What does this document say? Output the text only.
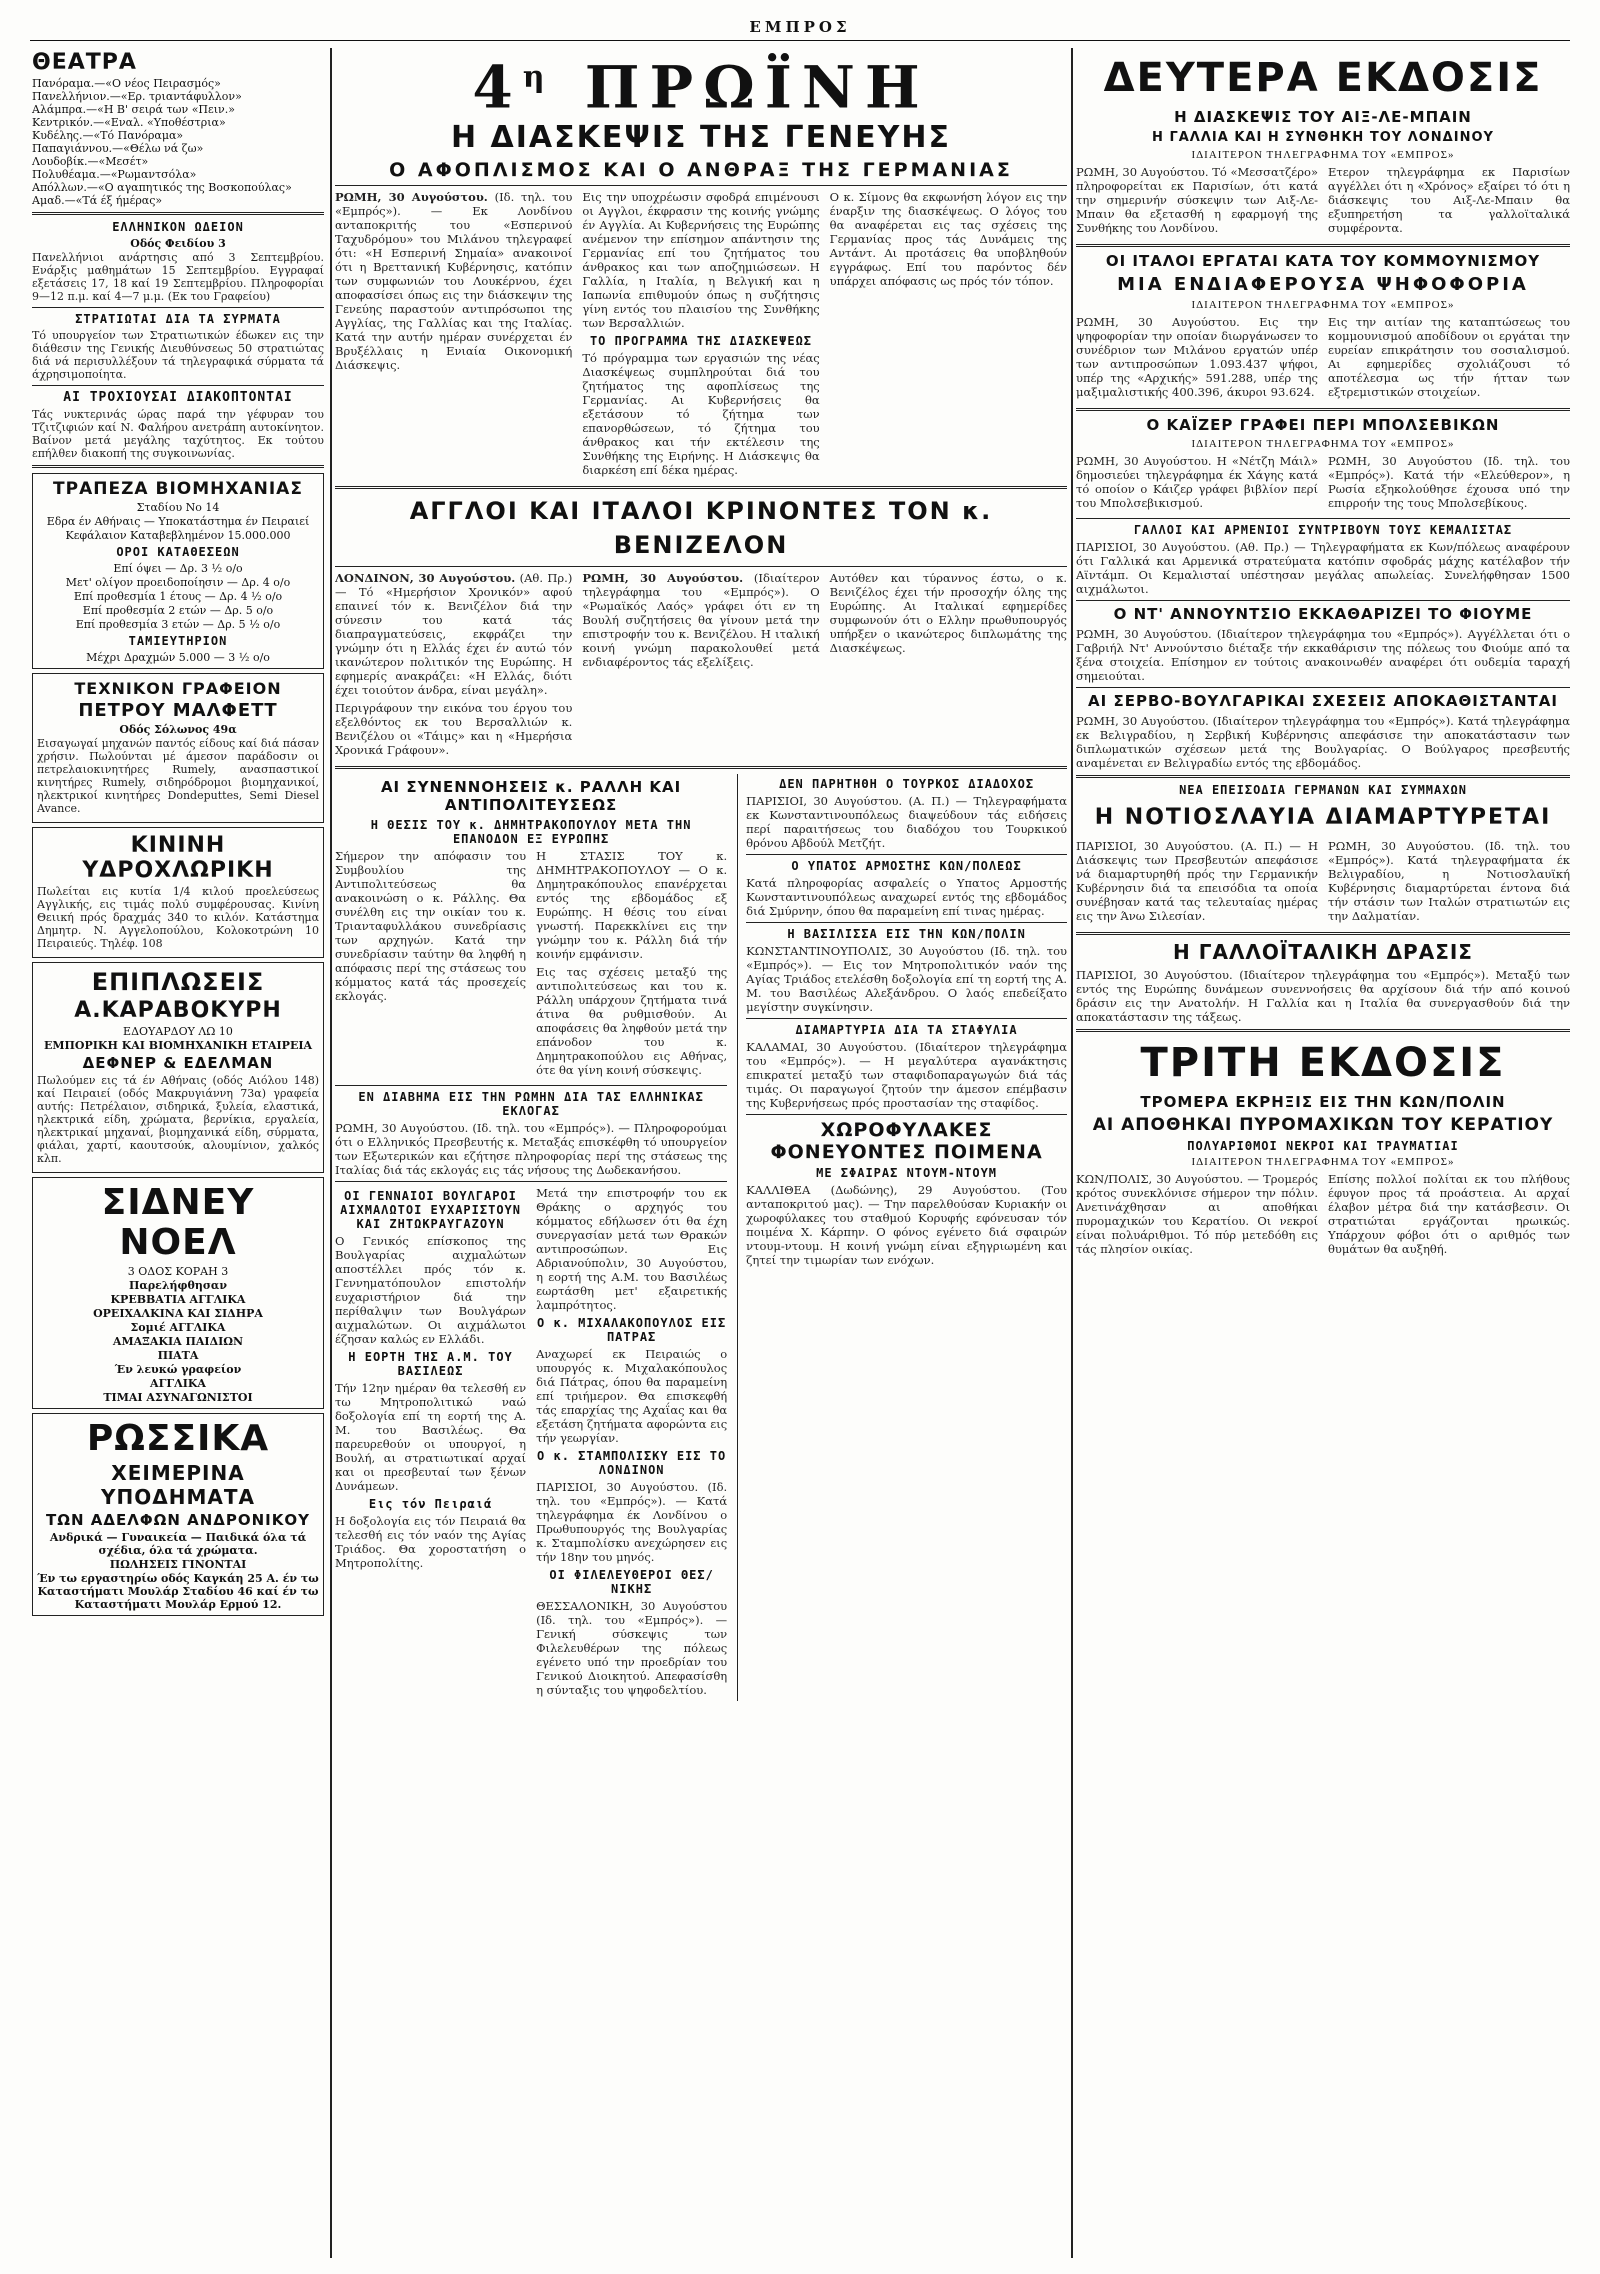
ΕΜΠΡΟΣ
ΘΕΑΤΡΑ
Πανόραμα.—«Ο νέος Πειρασμός»
Πανελλήνιον.—«Ερ. τριαντάφυλλον»
Αλάμπρα.—«Η Β' σειρά των «Πειν.»
Κεντρικόν.—«Εναλ. «Υποθέστρια»
Κυδέλης.—«Τό Πανόραμα»
Παπαγιάννου.—«Θέλω νά ζω»
Λουδοβίκ.—«Μεσέτ»
Πολυθέαμα.—«Ρωμαντσόλα»
Απόλλων.—«Ο αγαπητικός της Βοσκοπούλας»
Αμαδ.—«Τά έξ ήμέρας»
ΕΛΛΗΝΙΚΟΝ ΩΔΕΙΟΝ
Οδός Φειδίου 3

Πανελλήνιοι ανάρτησις από 3 Σεπτεμβρίου. Ενάρξις μαθημάτων 15 Σεπτεμβρίου. Εγγραφαί εξετάσεις 17, 18 καί 19 Σεπτεμβρίου. Πληροφορίαι 9—12 π.μ. καί 4—7 μ.μ. (Εκ του Γραφείου)

ΣΤΡΑΤΙΩΤΑΙ ΔΙΑ ΤΑ ΣΥΡΜΑΤΑ

Τό υπουργείον των Στρατιωτικών έδωκεν εις την διάθεσιν της Γενικής Διευθύνσεως 50 στρατιώτας διά νά περισυλλέξουν τά τηλεγραφικά σύρματα τά άχρησιμοποίητα.

ΑΙ ΤΡΟΧΙΟΥΣΑΙ ΔΙΑΚΟΠΤΟΝΤΑΙ

Τάς νυκτερινάς ώρας παρά την γέφυραν του Τζιτζιφιών καί Ν. Φαλήρου ανετράπη αυτοκίνητον. Βαίνον μετά μεγάλης ταχύτητος. Εκ τούτου επήλθεν διακοπή της συγκοινωνίας.

ΤΡΑΠΕΖΑ ΒΙΟΜΗΧΑΝΙΑΣ
Σταδίου Νο 14
Εδρα έν Αθήναις — Υποκατάστημα έν Πειραιεί
Κεφάλαιον Καταβεβλημένον 15.000.000
ΟΡΟΙ ΚΑΤΑΘΕΣΕΩΝ
Επί όψει — Δρ. 3 ½ ο/ο
Μετ' ολίγον προειδοποίησιν — Δρ. 4 ο/ο
Επί προθεσμία 1 έτους — Δρ. 4 ½ ο/ο
Επί προθεσμία 2 ετών — Δρ. 5 ο/ο
Επί προθεσμία 3 ετών — Δρ. 5 ½ ο/ο
ΤΑΜΙΕΥΤΗΡΙΟΝ
Μέχρι Δραχμών 5.000 — 3 ½ ο/ο
ΤΕΧΝΙΚΟΝ ΓΡΑΦΕΙΟΝ
ΠΕΤΡΟΥ ΜΑΛΦΕΤΤ
Οδός Σόλωνος 49α

Εισαγωγαί μηχανών παντός είδους καί διά πάσαν χρήσιν. Πωλούνται μέ άμεσον παράδοσιν οι πετρελαιοκινητήρες Rumely, ανασπαστικοί κινητήρες Rumely, σιδηρόδρομοι βιομηχανικοί, ηλεκτρικοί κινητήρες Dondeputtes, Semi Diesel Avance.

ΚΙΝΙΝΗ ΥΔΡΟΧΛΩΡΙΚΗ

Πωλείται εις κυτία 1/4 κιλού προελεύσεως Αγγλικής, εις τιμάς πολύ συμφέρουσας. Κινίνη Θειική πρός δραχμάς 340 το κιλόν. Κατάστημα Δημητρ. Ν. Αγγελοπούλου, Κολοκοτρώνη 10 Πειραιεύς. Τηλέφ. 108

ΕΠΙΠΛΩΣΕΙΣ
Α.ΚΑΡΑΒΟΚΥΡΗ
ΕΔΟΥΑΡΔΟΥ ΛΩ 10
ΕΜΠΟΡΙΚΗ ΚΑΙ ΒΙΟΜΗΧΑΝΙΚΗ ΕΤΑΙΡΕΙΑ
ΔΕΦΝΕΡ & ΕΔΕΛΜΑΝ

Πωλούμεν εις τά έν Αθήναις (οδός Αιόλου 148) καί Πειραιεί (οδός Μακρυγιάννη 73α) γραφεία αυτής: Πετρέλαιον, σιδηρικά, ξυλεία, ελαστικά, ηλεκτρικά είδη, χρώματα, βερνίκια, εργαλεία, ηλεκτρικαί μηχαναί, βιομηχανικά είδη, σύρματα, φιάλαι, χαρτί, καουτσούκ, αλουμίνιον, χαλκός κλπ.

ΣΙΔΝΕΥ ΝΟΕΛ
3 ΟΔΟΣ ΚΟΡΑΗ 3
Παρελήφθησαν
ΚΡΕΒΒΑΤΙΑ ΑΓΓΛΙΚΑ
ΟΡΕΙΧΑΛΚΙΝΑ ΚΑΙ ΣΙΔΗΡΑ
Σομιέ ΑΓΓΛΙΚΑ
ΑΜΑΞΑΚΙΑ ΠΑΙΔΙΩΝ
ΠΙΑΤΑ
Έν λευκώ γραφείον
ΑΓΓΛΙΚΑ
ΤΙΜΑΙ ΑΣΥΝΑΓΩΝΙΣΤΟΙ
ΡΩΣΣΙΚΑ
ΧΕΙΜΕΡΙΝΑ ΥΠΟΔΗΜΑΤΑ
ΤΩΝ ΑΔΕΛΦΩΝ ΑΝΔΡΟΝΙΚΟΥ
Ανδρικά — Γυναικεία — Παιδικά όλα τά σχέδια, όλα τά χρώματα.
ΠΩΛΗΣΕΙΣ ΓΙΝΟΝΤΑΙ
Έν τω εργαστηρίω οδός Καγκάη 25 Α. έν τω Καταστήματι Μουλάρ Σταδίου 46 καί έν τω Καταστήματι Μουλάρ Ερμού 12.
$4^\eta$ ΠΡΩΪΝΗ
Η ΔΙΑΣΚΕΨΙΣ ΤΗΣ ΓΕΝΕΥΗΣ
Ο ΑΦΟΠΛΙΣΜΟΣ ΚΑΙ Ο ΑΝΘΡΑΞ ΤΗΣ ΓΕΡΜΑΝΙΑΣ

ΡΩΜΗ, 30 Αυγούστου. (Ιδ. τηλ. του «Εμπρός»). — Εκ Λονδίνου ανταποκριτής του «Εσπερινού Ταχυδρόμου» του Μιλάνου τηλεγραφεί ότι: «Η Εσπερινή Σημαία» ανακοινοί ότι η Βρεττανική Κυβέρνησις, κατόπιν των συμφωνιών του Λουκέρνου, έχει αποφασίσει όπως εις την διάσκεψιν της Γενεύης παραστούν αντιπρόσωποι της Αγγλίας, της Γαλλίας και της Ιταλίας. Κατά την αυτήν ημέραν συνέρχεται έν Βρυξέλλαις η Ενιαία Οικονομική Διάσκεψις.

Εις την υποχρέωσιν σφοδρά επιμένουσι οι Αγγλοι, έκφρασιν της κοινής γνώμης έν Αγγλία. Αι Κυβερνήσεις της Ευρώπης ανέμενον την επίσημον απάντησιν της Γερμανίας επί του ζητήματος του άνθρακος και των αποζημιώσεων. Η Γαλλία, η Ιταλία, η Βελγική και η Ιαπωνία επιθυμούν όπως η συζήτησις γίνη εντός του πλαισίου της Συνθήκης των Βερσαλλιών.

ΤΟ ΠΡΟΓΡΑΜΜΑ ΤΗΣ ΔΙΑΣΚΕΨΕΩΣ

Τό πρόγραμμα των εργασιών της νέας Διασκέψεως συμπληρούται διά του ζητήματος της αφοπλίσεως της Γερμανίας. Αι Κυβερνήσεις θα εξετάσουν τό ζήτημα των επανορθώσεων, τό ζήτημα του άνθρακος και τήν εκτέλεσιν της Συνθήκης της Ειρήνης. Η Διάσκεψις θα διαρκέση επί δέκα ημέρας.

Ο κ. Σίμονς θα εκφωνήση λόγον εις την έναρξιν της διασκέψεως. Ο λόγος του θα αναφέρεται εις τας σχέσεις της Γερμανίας προς τάς Δυνάμεις της Αντάντ. Αι προτάσεις θα υποβληθούν εγγράφως. Επί του παρόντος δέν υπάρχει απόφασις ως πρός τόν τόπον.

ΑΓΓΛΟΙ ΚΑΙ ΙΤΑΛΟΙ ΚΡΙΝΟΝΤΕΣ ΤΟΝ κ. ΒΕΝΙΖΕΛΟΝ

ΛΟΝΔΙΝΟΝ, 30 Αυγούστου. (Αθ. Πρ.) — Τό «Ημερήσιον Χρονικόν» αφού επαινεί τόν κ. Βενιζέλον διά την σύνεσιν του κατά τάς διαπραγματεύσεις, εκφράζει την γνώμην ότι η Ελλάς έχει έν αυτώ τόν ικανώτερον πολιτικόν της Ευρώπης. Η εφημερίς ανακράζει: «Η Ελλάς, διότι έχει τοιούτον άνδρα, είναι μεγάλη».

Περιγράφουν την εικόνα του έργου του εξελθόντος εκ του Βερσαλλιών κ. Βενιζέλου οι «Τάιμς» και η «Ημερήσια Χρονικά Γράφουν».

ΡΩΜΗ, 30 Αυγούστου. (Ιδιαίτερον τηλεγράφημα του «Εμπρός»). Ο «Ρωμαϊκός Λαός» γράφει ότι εν τη Βουλή συζητήσεις θα γίνουν μετά την επιστροφήν του κ. Βενιζέλου. Η ιταλική κοινή γνώμη παρακολουθεί μετά ενδιαφέροντος τάς εξελίξεις.

Αυτόθεν και τύραννος έστω, ο κ. Βενιζέλος έχει τήν προσοχήν όλης της Ευρώπης. Αι Ιταλικαί εφημερίδες συμφωνούν ότι ο Ελλην πρωθυπουργός υπήρξεν ο ικανώτερος διπλωμάτης της Διασκέψεως.

ΑΙ ΣΥΝΕΝΝΟΗΣΕΙΣ κ. ΡΑΛΛΗ ΚΑΙ ΑΝΤΙΠΟΛΙΤΕΥΣΕΩΣ
Η ΘΕΣΙΣ ΤΟΥ κ. ΔΗΜΗΤΡΑΚΟΠΟΥΛΟΥ ΜΕΤΑ ΤΗΝ ΕΠΑΝΟΔΟΝ ΕΞ ΕΥΡΩΠΗΣ

Σήμερον την απόφασιν του Συμβουλίου της Αντιπολιτεύσεως θα ανακοινώση ο κ. Ράλλης. Θα συνέλθη εις την οικίαν του κ. Τριανταφυλλάκου συνεδρίασις των αρχηγών. Κατά την συνεδρίασιν ταύτην θα ληφθή η απόφασις περί της στάσεως του κόμματος κατά τάς προσεχείς εκλογάς.

Η ΣΤΑΣΙΣ ΤΟΥ κ. ΔΗΜΗΤΡΑΚΟΠΟΥΛΟΥ — Ο κ. Δημητρακόπουλος επανέρχεται εντός της εβδομάδος εξ Ευρώπης. Η θέσις του είναι γνωστή. Παρεκκλίνει εις την γνώμην του κ. Ράλλη διά τήν κοινήν εμφάνισιν.

Εις τας σχέσεις μεταξύ της αντιπολιτεύσεως και του κ. Ράλλη υπάρχουν ζητήματα τινά άτινα θα ρυθμισθούν. Αι αποφάσεις θα ληφθούν μετά την επάνοδον του κ. Δημητρακοπούλου εις Αθήνας, ότε θα γίνη κοινή σύσκεψις.

ΕΝ ΔΙΑΒΗΜΑ ΕΙΣ ΤΗΝ ΡΩΜΗΝ ΔΙΑ ΤΑΣ ΕΛΛΗΝΙΚΑΣ ΕΚΛΟΓΑΣ

ΡΩΜΗ, 30 Αυγούστου. (Ιδ. τηλ. του «Εμπρός»). — Πληροφορούμαι ότι ο Ελληνικός Πρεσβευτής κ. Μεταξάς επισκέφθη τό υπουργείον των Εξωτερικών και εζήτησε πληροφορίας περί της στάσεως της Ιταλίας διά τάς εκλογάς εις τάς νήσους της Δωδεκανήσου.

ΟΙ ΓΕΝΝΑΙΟΙ ΒΟΥΛΓΑΡΟΙ ΑΙΧΜΑΛΩΤΟΙ ΕΥΧΑΡΙΣΤΟΥΝ ΚΑΙ ΖΗΤΩΚΡΑΥΓΑΖΟΥΝ

Ο Γενικός επίσκοπος της Βουλγαρίας αιχμαλώτων αποστέλλει πρός τόν κ. Γεννηματόπουλον επιστολήν ευχαριστήριον διά την περίθαλψιν των Βουλγάρων αιχμαλώτων. Οι αιχμάλωτοι έζησαν καλώς εν Ελλάδι.

Η ΕΟΡΤΗ ΤΗΣ Α.Μ. ΤΟΥ ΒΑΣΙΛΕΩΣ

Τήν 12ην ημέραν θα τελεσθή εν τω Μητροπολιτικώ ναώ δοξολογία επί τη εορτή της Α. Μ. του Βασιλέως. Θα παρευρεθούν οι υπουργοί, η Βουλή, αι στρατιωτικαί αρχαί και οι πρεσβευταί των ξένων Δυνάμεων.

Εις τόν Πειραιά

Η δοξολογία εις τόν Πειραιά θα τελεσθή εις τόν ναόν της Αγίας Τριάδος. Θα χοροστατήση ο Μητροπολίτης.

Μετά την επιστροφήν του εκ Θράκης ο αρχηγός του κόμματος εδήλωσεν ότι θα έχη συνεργασίαν μετά των Θρακών αντιπροσώπων. Εις Αδριανούπολιν, 30 Αυγούστου, η εορτή της Α.Μ. του Βασιλέως εωρτάσθη μετ' εξαιρετικής λαμπρότητος.

Ο κ. ΜΙΧΑΛΑΚΟΠΟΥΛΟΣ ΕΙΣ ΠΑΤΡΑΣ

Αναχωρεί εκ Πειραιώς ο υπουργός κ. Μιχαλακόπουλος διά Πάτρας, όπου θα παραμείνη επί τριήμερον. Θα επισκεφθή τάς επαρχίας της Αχαΐας και θα εξετάση ζητήματα αφορώντα εις τήν γεωργίαν.

Ο κ. ΣΤΑΜΠΟΛΙΣΚΥ ΕΙΣ ΤΟ ΛΟΝΔΙΝΟΝ

ΠΑΡΙΣΙΟΙ, 30 Αυγούστου. (Ιδ. τηλ. του «Εμπρός»). — Κατά τηλεγράφημα έκ Λονδίνου ο Πρωθυπουργός της Βουλγαρίας κ. Σταμπολίσκυ ανεχώρησεν εις τήν 18ην του μηνός.

ΟΙ ΦΙΛΕΛΕΥΘΕΡΟΙ ΘΕΣ/ΝΙΚΗΣ

ΘΕΣΣΑΛΟΝΙΚΗ, 30 Αυγούστου (Ιδ. τηλ. του «Εμπρός»). — Γενική σύσκεψις των Φιλελευθέρων της πόλεως εγένετο υπό την προεδρίαν του Γενικού Διοικητού. Απεφασίσθη η σύνταξις του ψηφοδελτίου.

ΔΕΝ ΠΑΡΗΤΗΘΗ Ο ΤΟΥΡΚΟΣ ΔΙΑΔΟΧΟΣ

ΠΑΡΙΣΙΟΙ, 30 Αυγούστου. (Α. Π.) — Τηλεγραφήματα εκ Κωνσταντινουπόλεως διαψεύδουν τάς ειδήσεις περί παραιτήσεως του διαδόχου του Τουρκικού θρόνου Αβδούλ Μετζήτ.

Ο ΥΠΑΤΟΣ ΑΡΜΟΣΤΗΣ ΚΩΝ/ΠΟΛΕΩΣ

Κατά πληροφορίας ασφαλείς ο Υπατος Αρμοστής Κωνσταντινουπόλεως αναχωρεί εντός της εβδομάδος διά Σμύρνην, όπου θα παραμείνη επί τινας ημέρας.

Η ΒΑΣΙΛΙΣΣΑ ΕΙΣ ΤΗΝ ΚΩΝ/ΠΟΛΙΝ

ΚΩΝΣΤΑΝΤΙΝΟΥΠΟΛΙΣ, 30 Αυγούστου (Ιδ. τηλ. του «Εμπρός»). — Εις τον Μητροπολιτικόν ναόν της Αγίας Τριάδος ετελέσθη δοξολογία επί τη εορτή της Α. Μ. του Βασιλέως Αλεξάνδρου. Ο λαός επεδείξατο μεγίστην συγκίνησιν.

ΔΙΑΜΑΡΤΥΡΙΑ ΔΙΑ ΤΑ ΣΤΑΦΥΛΙΑ

ΚΑΛΑΜΑΙ, 30 Αυγούστου. (Ιδιαίτερον τηλεγράφημα του «Εμπρός»). — Η μεγαλύτερα αγανάκτησις επικρατεί μεταξύ των σταφιδοπαραγωγών διά τάς τιμάς. Οι παραγωγοί ζητούν την άμεσον επέμβασιν της Κυβερνήσεως πρός προστασίαν της σταφίδος.

ΧΩΡΟΦΥΛΑΚΕΣ ΦΟΝΕΥΟΝΤΕΣ ΠΟΙΜΕΝΑ
ΜΕ ΣΦΑΙΡΑΣ ΝΤΟΥΜ-ΝΤΟΥΜ

ΚΑΛΛΙΘΕΑ (Δωδώνης), 29 Αυγούστου. (Του ανταποκριτού μας). — Την παρελθούσαν Κυριακήν οι χωροφύλακες του σταθμού Κορυφής εφόνευσαν τόν ποιμένα Χ. Κάρπην. Ο φόνος εγένετο διά σφαιρών ντουμ-ντουμ. Η κοινή γνώμη είναι εξηγριωμένη και ζητεί την τιμωρίαν των ενόχων.

ΔΕΥΤΕΡΑ ΕΚΔΟΣΙΣ
Η ΔΙΑΣΚΕΨΙΣ ΤΟΥ ΑΙΞ-ΛΕ-ΜΠΑΙΝ
Η ΓΑΛΛΙΑ ΚΑΙ Η ΣΥΝΘΗΚΗ ΤΟΥ ΛΟΝΔΙΝΟΥ
ΙΔΙΑΙΤΕΡΟΝ ΤΗΛΕΓΡΑΦΗΜΑ ΤΟΥ «ΕΜΠΡΟΣ»

ΡΩΜΗ, 30 Αυγούστου. Τό «Μεσσατζέρο» πληροφορείται εκ Παρισίων, ότι κατά την σημερινήν σύσκεψιν των Αιξ-Λε-Μπαιν θα εξετασθή η εφαρμογή της Συνθήκης του Λονδίνου.

Ετερον τηλεγράφημα εκ Παρισίων αγγέλλει ότι η «Χρόνος» εξαίρει τό ότι η διάσκεψις του Αιξ-Λε-Μπαιν θα εξυπηρετήση τα γαλλοϊταλικά συμφέροντα.

ΟΙ ΙΤΑΛΟΙ ΕΡΓΑΤΑΙ ΚΑΤΑ ΤΟΥ ΚΟΜΜΟΥΝΙΣΜΟΥ
ΜΙΑ ΕΝΔΙΑΦΕΡΟΥΣΑ ΨΗΦΟΦΟΡΙΑ
ΙΔΙΑΙΤΕΡΟΝ ΤΗΛΕΓΡΑΦΗΜΑ ΤΟΥ «ΕΜΠΡΟΣ»

ΡΩΜΗ, 30 Αυγούστου. Εις την ψηφοφορίαν την οποίαν διωργάνωσεν το συνέδριον των Μιλάνου εργατών υπέρ των αντιπροσώπων 1.093.437 ψήφοι, υπέρ της «Αρχικής» 591.288, υπέρ της μαξιμαλιστικής 400.396, άκυροι 93.624.

Εις την αιτίαν της καταπτώσεως του κομμουνισμού αποδίδουν οι εργάται την ευρείαν επικράτησιν του σοσιαλισμού. Αι εφημερίδες σχολιάζουσι τό αποτέλεσμα ως τήν ήτταν των εξτρεμιστικών στοιχείων.

Ο ΚΑΪΖΕΡ ΓΡΑΦΕΙ ΠΕΡΙ ΜΠΟΛΣΕΒΙΚΩΝ
ΙΔΙΑΙΤΕΡΟΝ ΤΗΛΕΓΡΑΦΗΜΑ ΤΟΥ «ΕΜΠΡΟΣ»

ΡΩΜΗ, 30 Αυγούστου. Η «Νέτζη Μάιλ» δημοσιεύει τηλεγράφημα έκ Χάγης κατά τό οποίον ο Κάιζερ γράφει βιβλίον περί του Μπολσεβικισμού.

ΡΩΜΗ, 30 Αυγούστου (Ιδ. τηλ. του «Εμπρός»). Κατά τήν «Ελεύθερον», η Ρωσία εξηκολούθησε έχουσα υπό την επιρροήν της τους Μπολσεβίκους.

ΓΑΛΛΟΙ ΚΑΙ ΑΡΜΕΝΙΟΙ ΣΥΝΤΡΙΒΟΥΝ ΤΟΥΣ ΚΕΜΑΛΙΣΤΑΣ

ΠΑΡΙΣΙΟΙ, 30 Αυγούστου. (Αθ. Πρ.) — Τηλεγραφήματα εκ Κων/πόλεως αναφέρουν ότι Γαλλικά και Αρμενικά στρατεύματα κατόπιν σφοδράς μάχης κατέλαβον τήν Αϊντάμπ. Οι Κεμαλισταί υπέστησαν μεγάλας απωλείας. Συνελήφθησαν 1500 αιχμάλωτοι.

Ο ΝΤ' ΑΝΝΟΥΝΤΣΙΟ ΕΚΚΑΘΑΡΙΖΕΙ ΤΟ ΦΙΟΥΜΕ

ΡΩΜΗ, 30 Αυγούστου. (Ιδιαίτερον τηλεγράφημα του «Εμπρός»). Αγγέλλεται ότι ο Γαβριήλ Ντ' Αννούντσιο διέταξε τήν εκκαθάρισιν της πόλεως του Φιούμε από τα ξένα στοιχεία. Επίσημον εν τούτοις ανακοινωθέν αναφέρει ότι ουδεμία ταραχή σημειούται.

ΑΙ ΣΕΡΒΟ-ΒΟΥΛΓΑΡΙΚΑΙ ΣΧΕΣΕΙΣ ΑΠΟΚΑΘΙΣΤΑΝΤΑΙ

ΡΩΜΗ, 30 Αυγούστου. (Ιδιαίτερον τηλεγράφημα του «Εμπρός»). Κατά τηλεγράφημα εκ Βελιγραδίου, η Σερβική Κυβέρνησις απεφάσισε την αποκατάστασιν των διπλωματικών σχέσεων μετά της Βουλγαρίας. Ο Βούλγαρος πρεσβευτής αναμένεται εν Βελιγραδίω εντός της εβδομάδος.

ΝΕΑ ΕΠΕΙΣΟΔΙΑ ΓΕΡΜΑΝΩΝ ΚΑΙ ΣΥΜΜΑΧΩΝ
Η ΝΟΤΙΟΣΛΑΥΙΑ ΔΙΑΜΑΡΤΥΡΕΤΑΙ

ΠΑΡΙΣΙΟΙ, 30 Αυγούστου. (Α. Π.) — Η Διάσκεψις των Πρεσβευτών απεφάσισε νά διαμαρτυρηθή πρός την Γερμανικήν Κυβέρνησιν διά τα επεισόδια τα οποία συνέβησαν κατά τας τελευταίας ημέρας εις την Άνω Σιλεσίαν.

ΡΩΜΗ, 30 Αυγούστου. (Ιδ. τηλ. του «Εμπρός»). Κατά τηλεγραφήματα έκ Βελιγραδίου, η Νοτιοσλαυϊκή Κυβέρνησις διαμαρτύρεται έντονα διά τήν στάσιν των Ιταλών στρατιωτών εις την Δαλματίαν.

Η ΓΑΛΛΟΪΤΑΛΙΚΗ ΔΡΑΣΙΣ

ΠΑΡΙΣΙΟΙ, 30 Αυγούστου. (Ιδιαίτερον τηλεγράφημα του «Εμπρός»). Μεταξύ των εντός της Ευρώπης δυνάμεων συνεννοήσεις θα αρχίσουν διά τήν από κοινού δράσιν εις την Ανατολήν. Η Γαλλία και η Ιταλία θα συνεργασθούν διά την αποκατάστασιν της τάξεως.

ΤΡΙΤΗ ΕΚΔΟΣΙΣ
ΤΡΟΜΕΡΑ ΕΚΡΗΞΙΣ ΕΙΣ ΤΗΝ ΚΩΝ/ΠΟΛΙΝ
ΑΙ ΑΠΟΘΗΚΑΙ ΠΥΡΟΜΑΧΙΚΩΝ ΤΟΥ ΚΕΡΑΤΙΟΥ
ΠΟΛΥΑΡΙΘΜΟΙ ΝΕΚΡΟΙ ΚΑΙ ΤΡΑΥΜΑΤΙΑΙ
ΙΔΙΑΙΤΕΡΟΝ ΤΗΛΕΓΡΑΦΗΜΑ ΤΟΥ «ΕΜΠΡΟΣ»

ΚΩΝ/ΠΟΛΙΣ, 30 Αυγούστου. — Τρομερός κρότος συνεκλόνισε σήμερον την πόλιν. Ανετινάχθησαν αι αποθήκαι πυρομαχικών του Κερατίου. Οι νεκροί είναι πολυάριθμοι. Τό πύρ μετεδόθη εις τάς πλησίον οικίας.

Επίσης πολλοί πολίται εκ του πλήθους έφυγον προς τά προάστεια. Αι αρχαί έλαβον μέτρα διά την κατάσβεσιν. Οι στρατιώται εργάζονται ηρωικώς. Υπάρχουν φόβοι ότι ο αριθμός των θυμάτων θα αυξηθή.
